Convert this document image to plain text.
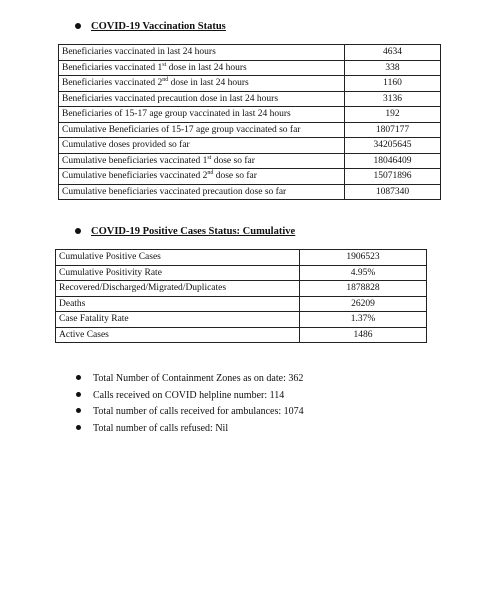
COVID-19 Vaccination Status
Beneficiaries vaccinated in last 24 hours	4634
Beneficiaries vaccinated 1st dose in last 24 hours	338
Beneficiaries vaccinated 2nd dose in last 24 hours	1160
Beneficiaries vaccinated precaution dose in last 24 hours	3136
Beneficiaries of 15-17 age group vaccinated in last 24 hours	192
Cumulative Beneficiaries of 15-17 age group vaccinated so far	1807177
Cumulative doses provided so far	34205645
Cumulative beneficiaries vaccinated 1st dose so far	18046409
Cumulative beneficiaries vaccinated 2nd dose so far	15071896
Cumulative beneficiaries vaccinated precaution dose so far	1087340
COVID-19 Positive Cases Status: Cumulative
Cumulative Positive Cases	1906523
Cumulative Positivity Rate	4.95%
Recovered/Discharged/Migrated/Duplicates	1878828
Deaths	26209
Case Fatality Rate	1.37%
Active Cases	1486
Total Number of Containment Zones as on date: 362
Calls received on COVID helpline number: 114
Total number of calls received for ambulances: 1074
Total number of calls refused: Nil
